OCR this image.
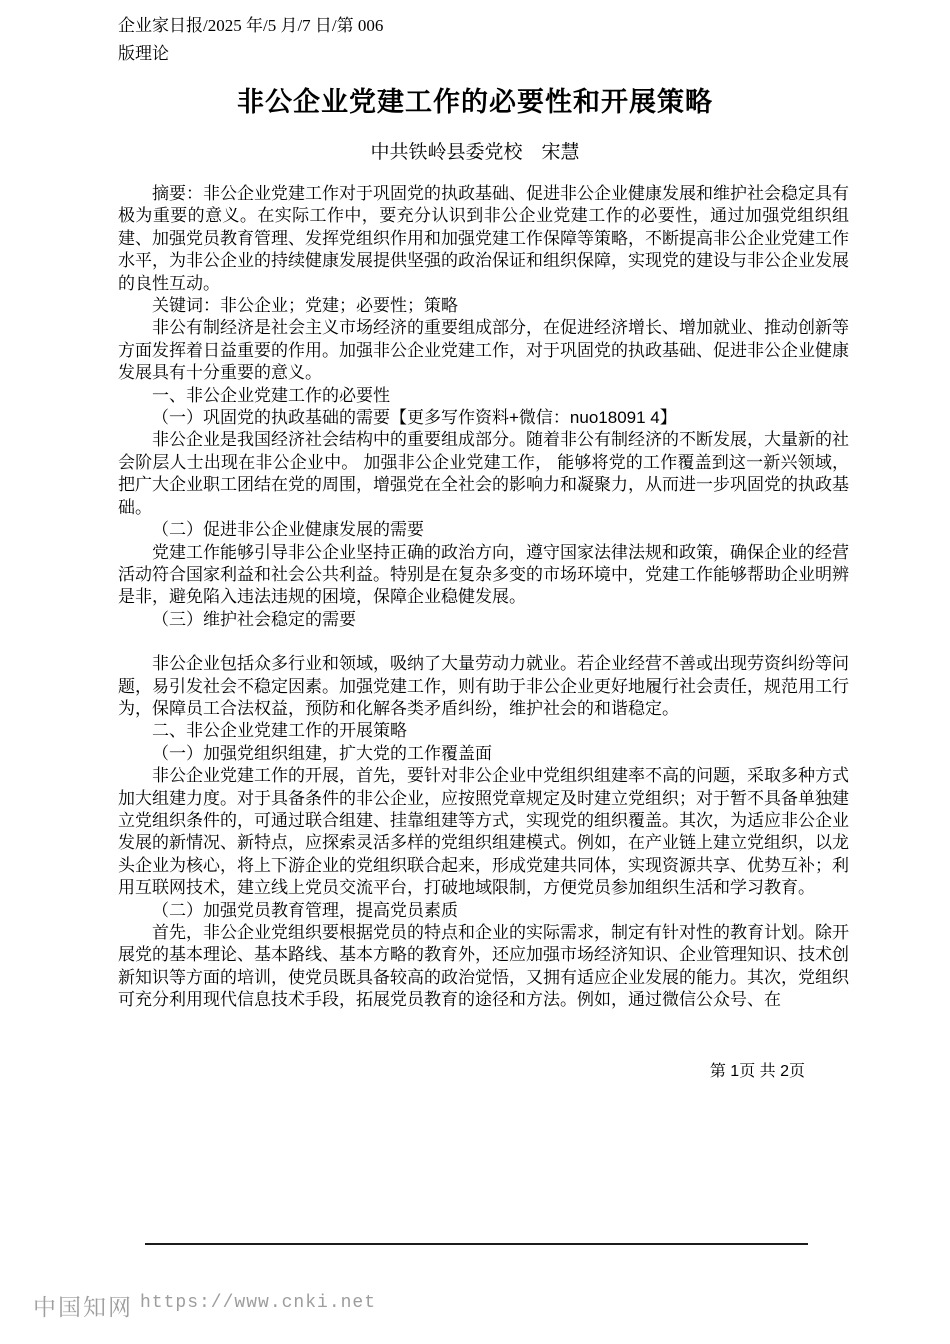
企业家日报/2025 年/5 月/7 日/第 006
版理论
非公企业党建工作的必要性和开展策略
中共铁岭县委党校　宋慧

摘要：非公企业党建工作对于巩固党的执政基础、促进非公企业健康发展和维护社会稳定具有极为重要的意义。在实际工作中，要充分认识到非公企业党建工作的必要性，通过加强党组织组建、加强党员教育管理、发挥党组织作用和加强党建工作保障等策略，不断提高非公企业党建工作水平，为非公企业的持续健康发展提供坚强的政治保证和组织保障，实现党的建设与非公企业发展的良性互动。

关键词：非公企业；党建；必要性；策略

非公有制经济是社会主义市场经济的重要组成部分，在促进经济增长、增加就业、推动创新等方面发挥着日益重要的作用。加强非公企业党建工作，对于巩固党的执政基础、促进非公企业健康发展具有十分重要的意义。

一、非公企业党建工作的必要性

（一）巩固党的执政基础的需要【更多写作资料+微信：nuo18091 4】

非公企业是我国经济社会结构中的重要组成部分。随着非公有制经济的不断发展，大量新的社会阶层人士出现在非公企业中。 加强非公企业党建工作， 能够将党的工作覆盖到这一新兴领域，把广大企业职工团结在党的周围，增强党在全社会的影响力和凝聚力，从而进一步巩固党的执政基础。

（二）促进非公企业健康发展的需要

党建工作能够引导非公企业坚持正确的政治方向，遵守国家法律法规和政策，确保企业的经营活动符合国家利益和社会公共利益。特别是在复杂多变的市场环境中，党建工作能够帮助企业明辨是非，避免陷入违法违规的困境，保障企业稳健发展。

（三）维护社会稳定的需要

非公企业包括众多行业和领域，吸纳了大量劳动力就业。若企业经营不善或出现劳资纠纷等问题，易引发社会不稳定因素。加强党建工作，则有助于非公企业更好地履行社会责任，规范用工行为，保障员工合法权益，预防和化解各类矛盾纠纷，维护社会的和谐稳定。

二、非公企业党建工作的开展策略

（一）加强党组织组建，扩大党的工作覆盖面

非公企业党建工作的开展，首先，要针对非公企业中党组织组建率不高的问题，采取多种方式加大组建力度。对于具备条件的非公企业，应按照党章规定及时建立党组织；对于暂不具备单独建立党组织条件的，可通过联合组建、挂靠组建等方式，实现党的组织覆盖。其次，为适应非公企业发展的新情况、新特点，应探索灵活多样的党组织组建模式。例如，在产业链上建立党组织，以龙头企业为核心，将上下游企业的党组织联合起来，形成党建共同体，实现资源共享、优势互补；利用互联网技术，建立线上党员交流平台，打破地域限制，方便党员参加组织生活和学习教育。

（二）加强党员教育管理，提高党员素质

首先，非公企业党组织要根据党员的特点和企业的实际需求，制定有针对性的教育计划。除开展党的基本理论、基本路线、基本方略的教育外，还应加强市场经济知识、企业管理知识、技术创新知识等方面的培训，使党员既具备较高的政治觉悟，又拥有适应企业发展的能力。其次，党组织可充分利用现代信息技术手段，拓展党员教育的途径和方法。例如，通过微信公众号、在

第 1页 共 2页
中国知网 https://www.cnki.net
